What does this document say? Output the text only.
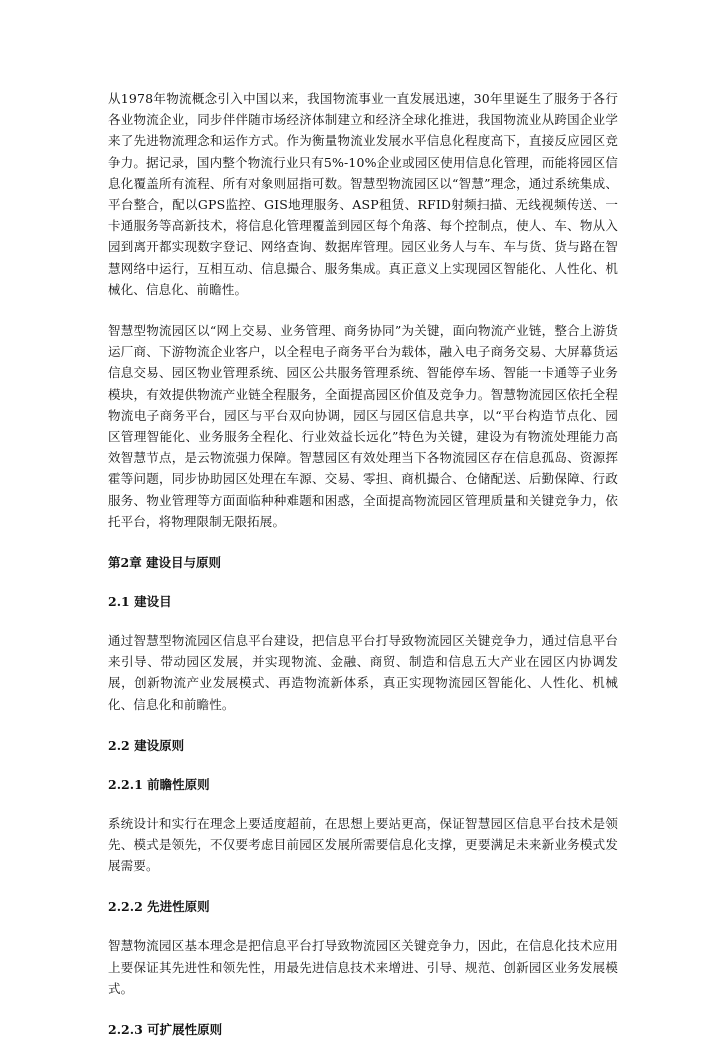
从1978年物流概念引入中国以来，我国物流事业一直发展迅速，30年里诞生了服务于各行各业物流企业，同步伴伴随市场经济体制建立和经济全球化推进，我国物流业从跨国企业学来了先进物流理念和运作方式。作为衡量物流业发展水平信息化程度高下，直接反应园区竞争力。据记录，国内整个物流行业只有5%-10%企业或园区使用信息化管理，而能将园区信息化覆盖所有流程、所有对象则屈指可数。智慧型物流园区以“智慧”理念，通过系统集成、平台整合，配以GPS监控、GIS地理服务、ASP租赁、RFID射频扫描、无线视频传送、一卡通服务等高新技术，将信息化管理覆盖到园区每个角落、每个控制点，使人、车、物从入园到离开都实现数字登记、网络查询、数据库管理。园区业务人与车、车与货、货与路在智慧网络中运行，互相互动、信息撮合、服务集成。真正意义上实现园区智能化、人性化、机械化、信息化、前瞻性。

智慧型物流园区以“网上交易、业务管理、商务协同”为关键，面向物流产业链，整合上游货运厂商、下游物流企业客户，以全程电子商务平台为载体，融入电子商务交易、大屏幕货运信息交易、园区物业管理系统、园区公共服务管理系统、智能停车场、智能一卡通等子业务模块，有效提供物流产业链全程服务，全面提高园区价值及竞争力。智慧物流园区依托全程物流电子商务平台，园区与平台双向协调，园区与园区信息共享，以“平台构造节点化、园区管理智能化、业务服务全程化、行业效益长远化”特色为关键，建设为有物流处理能力高效智慧节点，是云物流强力保障。智慧园区有效处理当下各物流园区存在信息孤岛、资源挥霍等问题，同步协助园区处理在车源、交易、零担、商机撮合、仓储配送、后勤保障、行政服务、物业管理等方面面临种种难题和困惑，全面提高物流园区管理质量和关键竞争力，依托平台，将物理限制无限拓展。

第2章 建设目与原则
2.1 建设目

通过智慧型物流园区信息平台建设，把信息平台打导致物流园区关键竞争力，通过信息平台来引导、带动园区发展，并实现物流、金融、商贸、制造和信息五大产业在园区内协调发展，创新物流产业发展模式、再造物流新体系，真正实现物流园区智能化、人性化、机械化、信息化和前瞻性。

2.2 建设原则
2.2.1 前瞻性原则

系统设计和实行在理念上要适度超前，在思想上要站更高，保证智慧园区信息平台技术是领先、模式是领先，不仅要考虑目前园区发展所需要信息化支撑，更要满足未来新业务模式发展需要。

2.2.2 先进性原则

智慧物流园区基本理念是把信息平台打导致物流园区关键竞争力，因此，在信息化技术应用上要保证其先进性和领先性，用最先进信息技术来增进、引导、规范、创新园区业务发展模式。

2.2.3 可扩展性原则
